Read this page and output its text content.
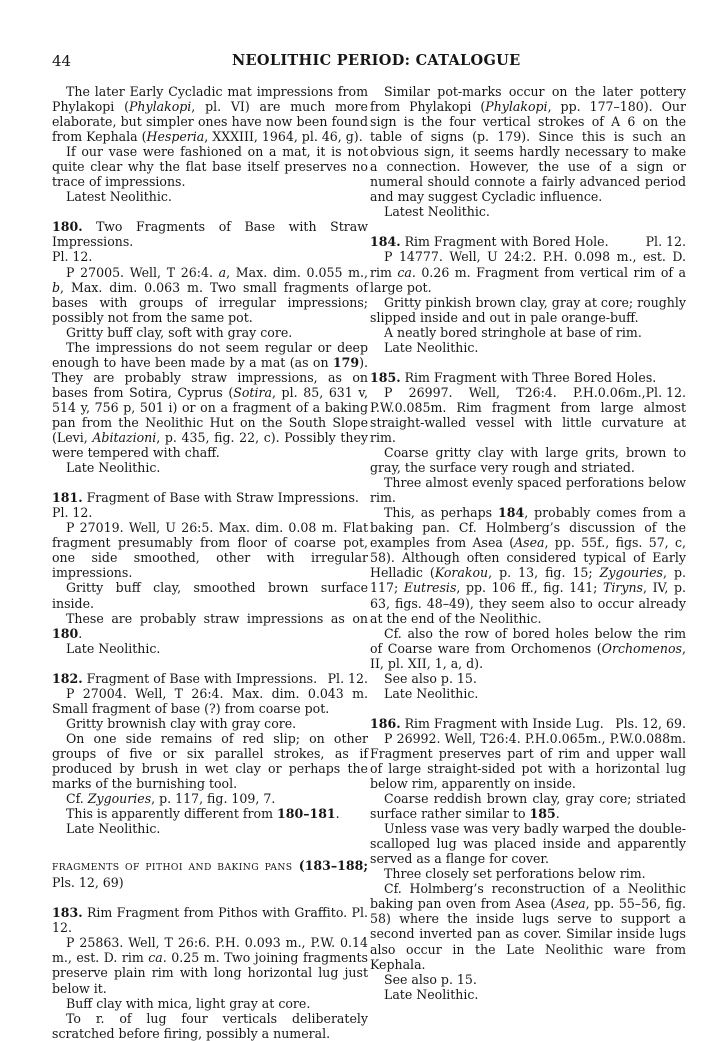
44	NEOLITHIC PERIOD: CATALOGUE

The later Early Cycladic mat impressions from Phylakopi (Phylakopi, pl. VI) are much more elaborate, but simpler ones have now been found from Kephala (Hesperia, XXXIII, 1964, pl. 46, g).

If our vase were fashioned on a mat, it is not quite clear why the flat base itself preserves no trace of impressions.

Latest Neolithic.

180. Two Fragments of Base with Straw Impressions.

Pl. 12.

P 27005. Well, T 26:4. a, Max. dim. 0.055 m., b, Max. dim. 0.063 m. Two small fragments of bases with groups of irregular impressions; possibly not from the same pot.

Gritty buff clay, soft with gray core.

The impressions do not seem regular or deep enough to have been made by a mat (as on 179). They are probably straw impressions, as on bases from Sotira, Cyprus (Sotira, pl. 85, 631 v, 514 y, 756 p, 501 i) or on a fragment of a baking pan from the Neolithic Hut on the South Slope (Levi, Abitazioni, p. 435, fig. 22, c). Possibly they were tempered with chaff.

Late Neolithic.

181. Fragment of Base with Straw Impressions.

Pl. 12.

P 27019. Well, U 26:5. Max. dim. 0.08 m. Flat fragment presumably from floor of coarse pot, one side smoothed, other with irregular impressions.

Gritty buff clay, smoothed brown surface inside.

These are probably straw impressions as on 180.

Late Neolithic.

182. Fragment of Base with Impressions. Pl. 12.

P 27004. Well, T 26:4. Max. dim. 0.043 m. Small fragment of base (?) from coarse pot.

Gritty brownish clay with gray core.

On one side remains of red slip; on other groups of five or six parallel strokes, as if produced by brush in wet clay or perhaps the marks of the burnishing tool.

Cf. Zygouries, p. 117, fig. 109, 7.

This is apparently different from 180–181.

Late Neolithic.

FRAGMENTS OF PITHOI AND BAKING PANS (183–188; Pls. 12, 69)

183. Rim Fragment from Pithos with Graffito. Pl. 12.

P 25863. Well, T 26:6. P.H. 0.093 m., P.W. 0.14 m., est. D. rim ca. 0.25 m. Two joining fragments preserve plain rim with long horizontal lug just below it.

Buff clay with mica, light gray at core.

To r. of lug four verticals deliberately scratched before firing, possibly a numeral.

Similar pot-marks occur on the later pottery from Phylakopi (Phylakopi, pp. 177–180). Our sign is the four vertical strokes of A 6 on the table of signs (p. 179). Since this is such an obvious sign, it seems hardly necessary to make a connection. However, the use of a sign or numeral should connote a fairly advanced period and may suggest Cycladic influence.

Latest Neolithic.

184. Rim Fragment with Bored Hole.	Pl. 12.

P 14777. Well, U 24:2. P.H. 0.098 m., est. D. rim ca. 0.26 m. Fragment from vertical rim of a large pot.

Gritty pinkish brown clay, gray at core; roughly slipped inside and out in pale orange-buff.

A neatly bored stringhole at base of rim.

Late Neolithic.

185. Rim Fragment with Three Bored Holes.
Pl. 12.

P 26997. Well, T26:4. P.H.0.06m., P.W.0.085m. Rim fragment from large almost straight-walled vessel with little curvature at rim.

Coarse gritty clay with large grits, brown to gray, the surface very rough and striated.

Three almost evenly spaced perforations below rim.

This, as perhaps 184, probably comes from a baking pan. Cf. Holmberg’s discussion of the examples from Asea (Asea, pp. 55f., figs. 57, c, 58). Although often considered typical of Early Helladic (Korakou, p. 13, fig. 15; Zygouries, p. 117; Eutresis, pp. 106 ff., fig. 141; Tiryns, IV, p. 63, figs. 48–49), they seem also to occur already at the end of the Neolithic.

Cf. also the row of bored holes below the rim of Coarse ware from Orchomenos (Orchomenos, II, pl. XII, 1, a, d).

See also p. 15.

Late Neolithic.

186. Rim Fragment with Inside Lug. Pls. 12, 69.

P 26992. Well, T26:4. P.H.0.065m., P.W.0.088m. Fragment preserves part of rim and upper wall of large straight-sided pot with a horizontal lug below rim, apparently on inside.

Coarse reddish brown clay, gray core; striated surface rather similar to 185.

Unless vase was very badly warped the double-scalloped lug was placed inside and apparently served as a flange for cover.

Three closely set perforations below rim.

Cf. Holmberg’s reconstruction of a Neolithic baking pan oven from Asea (Asea, pp. 55–56, fig. 58) where the inside lugs serve to support a second inverted pan as cover. Similar inside lugs also occur in the Late Neolithic ware from Kephala.

See also p. 15.

Late Neolithic.
